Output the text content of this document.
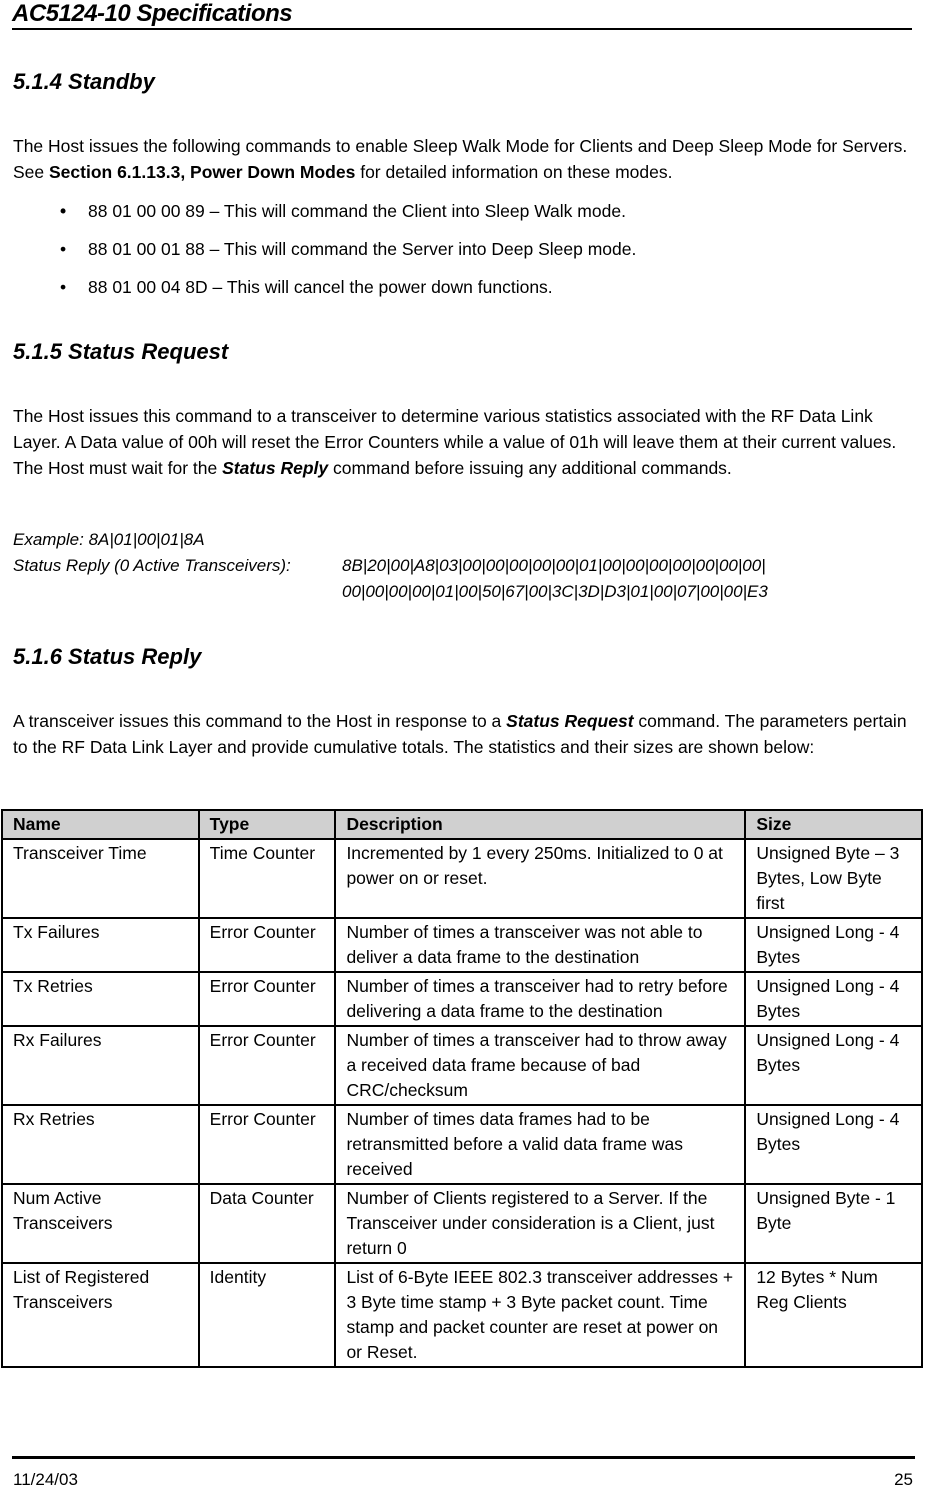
AC5124-10 Specifications
5.1.4 Standby
The Host issues the following commands to enable Sleep Walk Mode for Clients and Deep Sleep Mode for Servers. See Section 6.1.13.3, Power Down Modes for detailed information on these modes.
• 88 01 00 00 89 – This will command the Client into Sleep Walk mode.
• 88 01 00 01 88 – This will command the Server into Deep Sleep mode.
• 88 01 00 04 8D – This will cancel the power down functions.
5.1.5 Status Request
The Host issues this command to a transceiver to determine various statistics associated with the RF Data Link Layer. A Data value of 00h will reset the Error Counters while a value of 01h will leave them at their current values. The Host must wait for the Status Reply command before issuing any additional commands.
Example: 8A|01|00|01|8A
Status Reply (0 Active Transceivers):	8B|20|00|A8|03|00|00|00|00|00|01|00|00|00|00|00|00|00|
00|00|00|00|01|00|50|67|00|3C|3D|D3|01|00|07|00|00|E3
5.1.6 Status Reply
A transceiver issues this command to the Host in response to a Status Request command. The parameters pertain to the RF Data Link Layer and provide cumulative totals. The statistics and their sizes are shown below:
Name	Type	Description	Size
Transceiver Time	Time Counter	Incremented by 1 every 250ms. Initialized to 0 at power on or reset.	Unsigned Byte – 3 Bytes, Low Byte first
Tx Failures	Error Counter	Number of times a transceiver was not able to deliver a data frame to the destination	Unsigned Long - 4 Bytes
Tx Retries	Error Counter	Number of times a transceiver had to retry before delivering a data frame to the destination	Unsigned Long - 4 Bytes
Rx Failures	Error Counter	Number of times a transceiver had to throw away a received data frame because of bad CRC/checksum	Unsigned Long - 4 Bytes
Rx Retries	Error Counter	Number of times data frames had to be retransmitted before a valid data frame was received	Unsigned Long - 4 Bytes
Num Active Transceivers	Data Counter	Number of Clients registered to a Server. If the Transceiver under consideration is a Client, just return 0	Unsigned Byte - 1 Byte
List of Registered Transceivers	Identity	List of 6-Byte IEEE 802.3 transceiver addresses + 3 Byte time stamp + 3 Byte packet count. Time stamp and packet counter are reset at power on or Reset.	12 Bytes * Num Reg Clients
11/24/03	25
